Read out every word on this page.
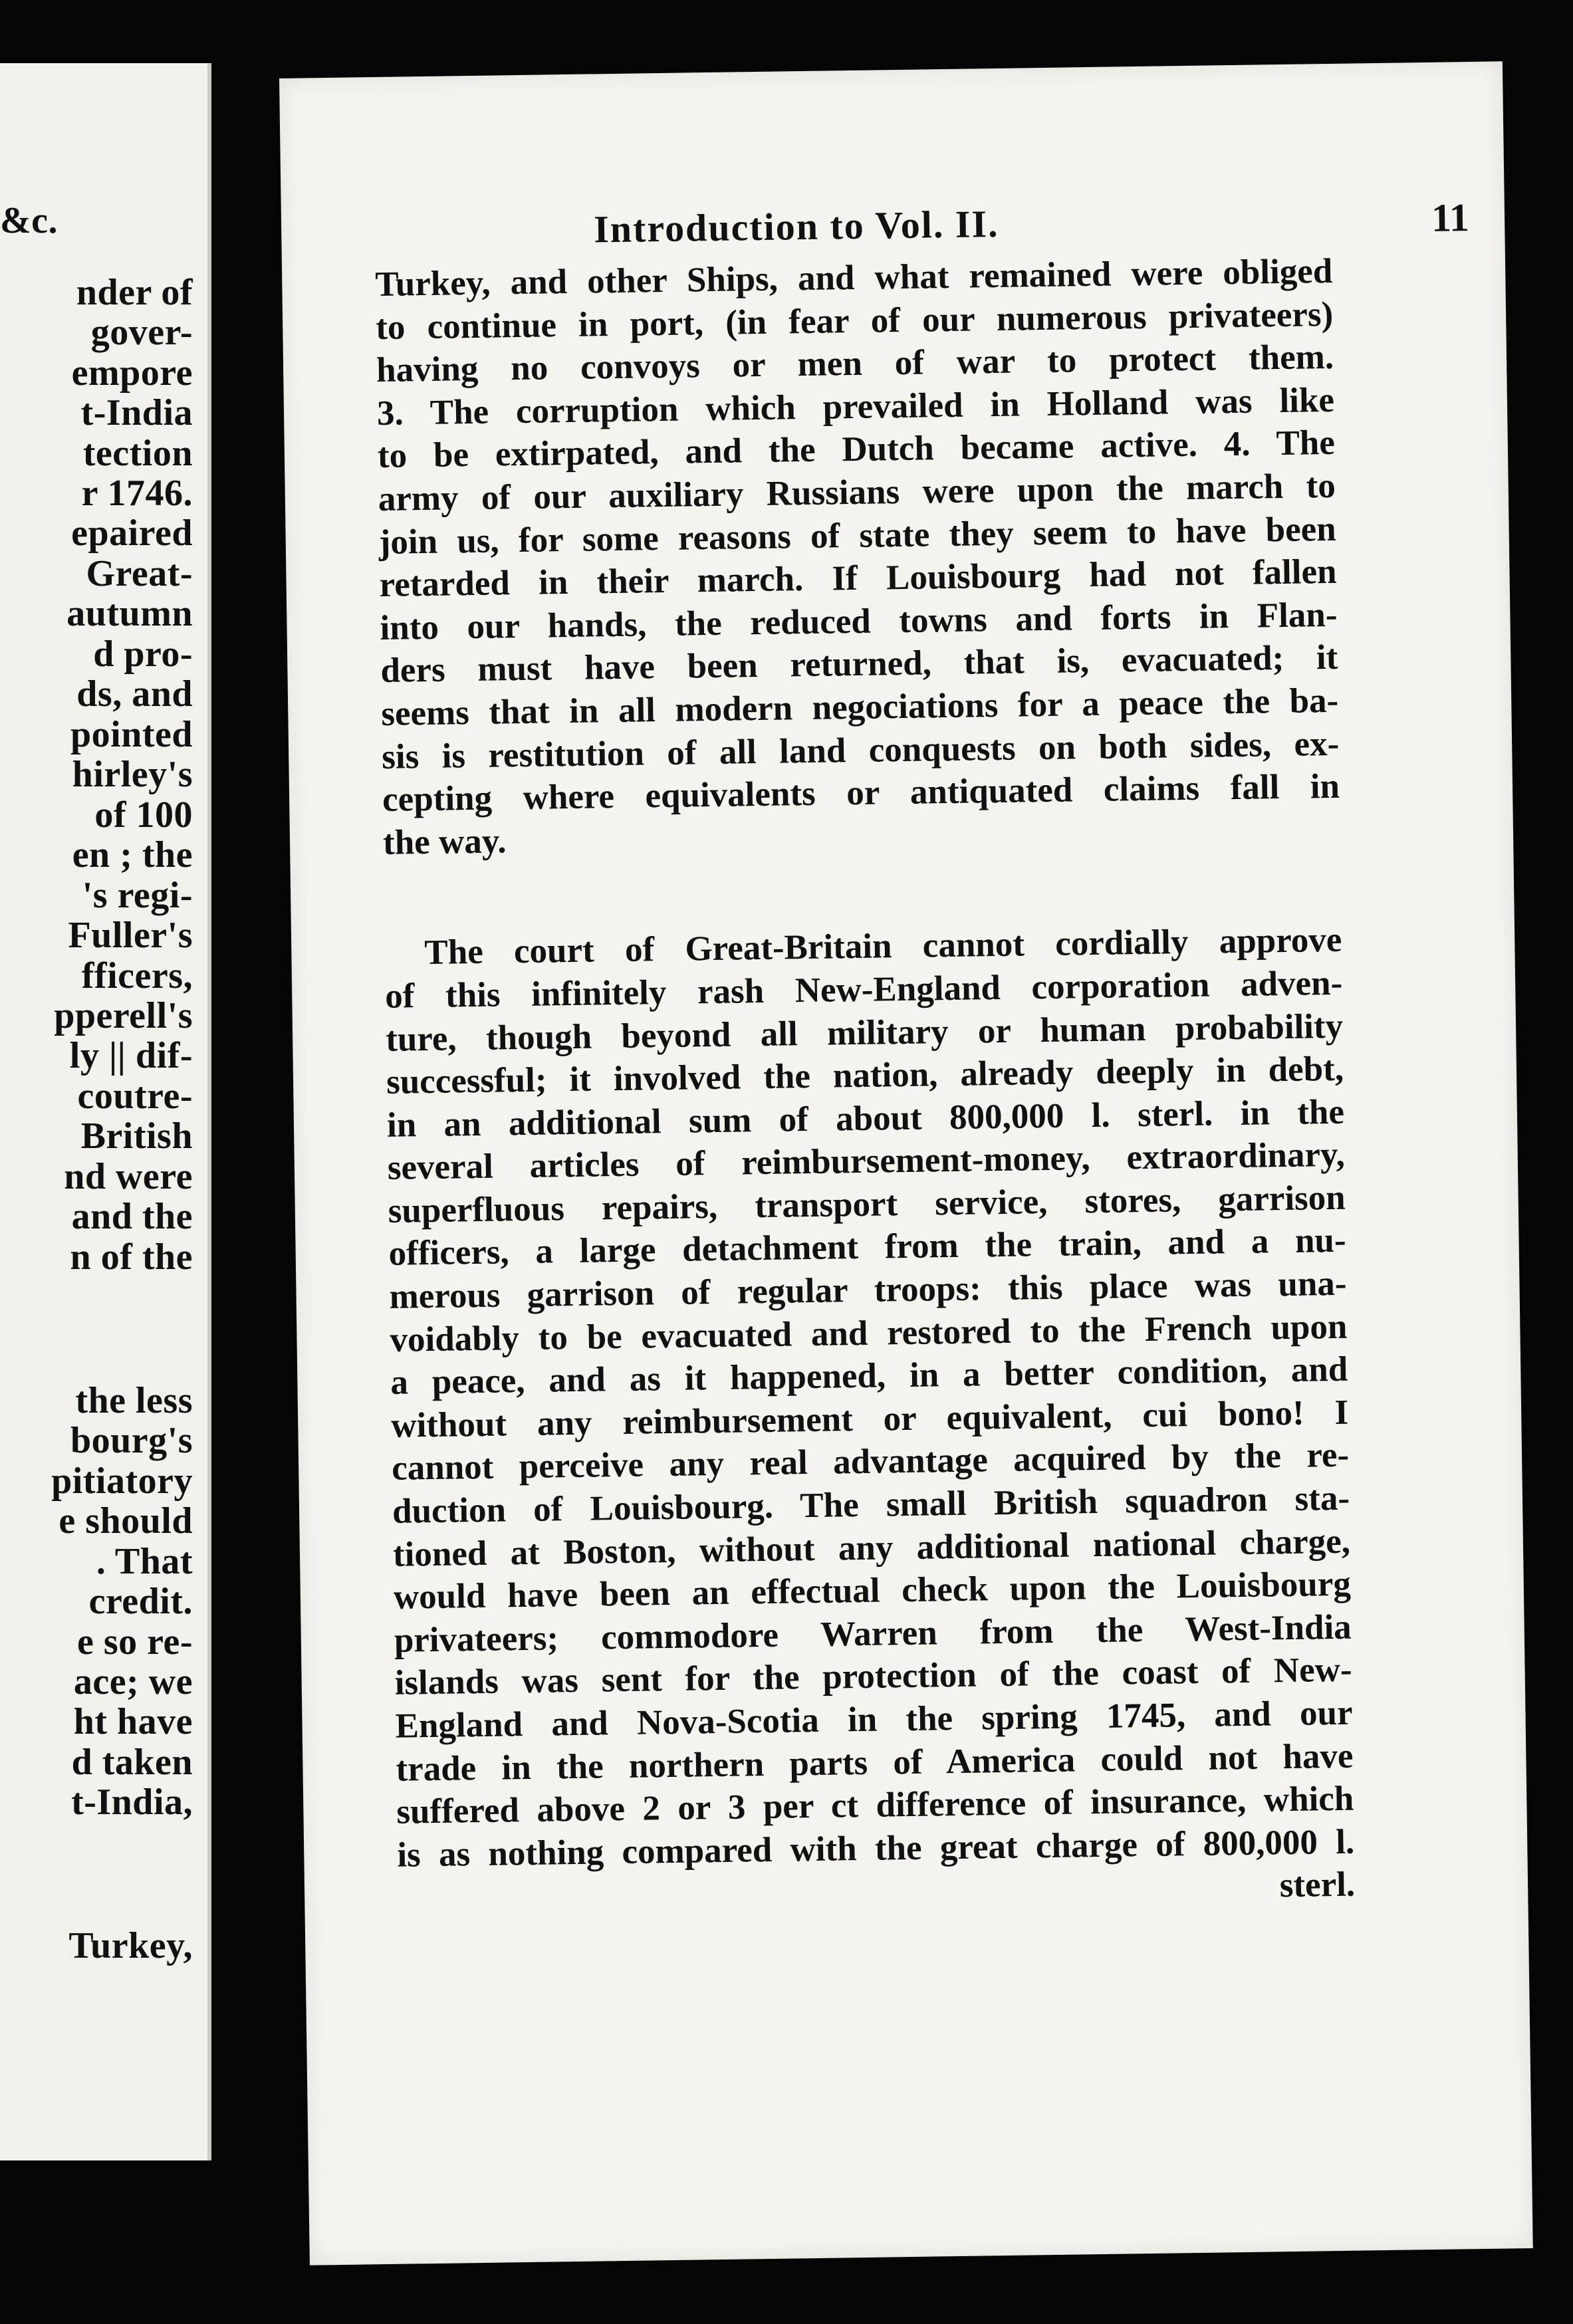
&c.
nder of
gover-
empore
t-India
tection
r 1746.
epaired
Great-
autumn
d pro-
ds, and
pointed
hirley's
of 100
en ; the
's regi-
Fuller's
fficers,
pperell's
ly || dif-
coutre-
British
nd were
and the
n of the
the less
bourg's
pitiatory
e should
. That
credit.
e so re-
ace; we
ht have
d taken
t-India,
Turkey,
Introduction to Vol. II.	11
Turkey, and other Ships, and what remained were obliged
to continue in port, (in fear of our numerous privateers)
having no convoys or men of war to protect them.
3. The corruption which prevailed in Holland was like
to be extirpated, and the Dutch became active. 4. The
army of our auxiliary Russians were upon the march to
join us, for some reasons of state they seem to have been
retarded in their march. If Louisbourg had not fallen
into our hands, the reduced towns and forts in Flan-
ders must have been returned, that is, evacuated; it
seems that in all modern negociations for a peace the ba-
sis is restitution of all land conquests on both sides, ex-
cepting where equivalents or antiquated claims fall in
the way.
The court of Great-Britain cannot cordially approve
of this infinitely rash New-England corporation adven-
ture, though beyond all military or human probability
successful; it involved the nation, already deeply in debt,
in an additional sum of about 800,000 l. sterl. in the
several articles of reimbursement-money, extraordinary,
superfluous repairs, transport service, stores, garrison
officers, a large detachment from the train, and a nu-
merous garrison of regular troops: this place was una-
voidably to be evacuated and restored to the French upon
a peace, and as it happened, in a better condition, and
without any reimbursement or equivalent, cui bono! I
cannot perceive any real advantage acquired by the re-
duction of Louisbourg. The small British squadron sta-
tioned at Boston, without any additional national charge,
would have been an effectual check upon the Louisbourg
privateers; commodore Warren from the West-India
islands was sent for the protection of the coast of New-
England and Nova-Scotia in the spring 1745, and our
trade in the northern parts of America could not have
suffered above 2 or 3 per ct difference of insurance, which
is as nothing compared with the great charge of 800,000 l.
sterl.
